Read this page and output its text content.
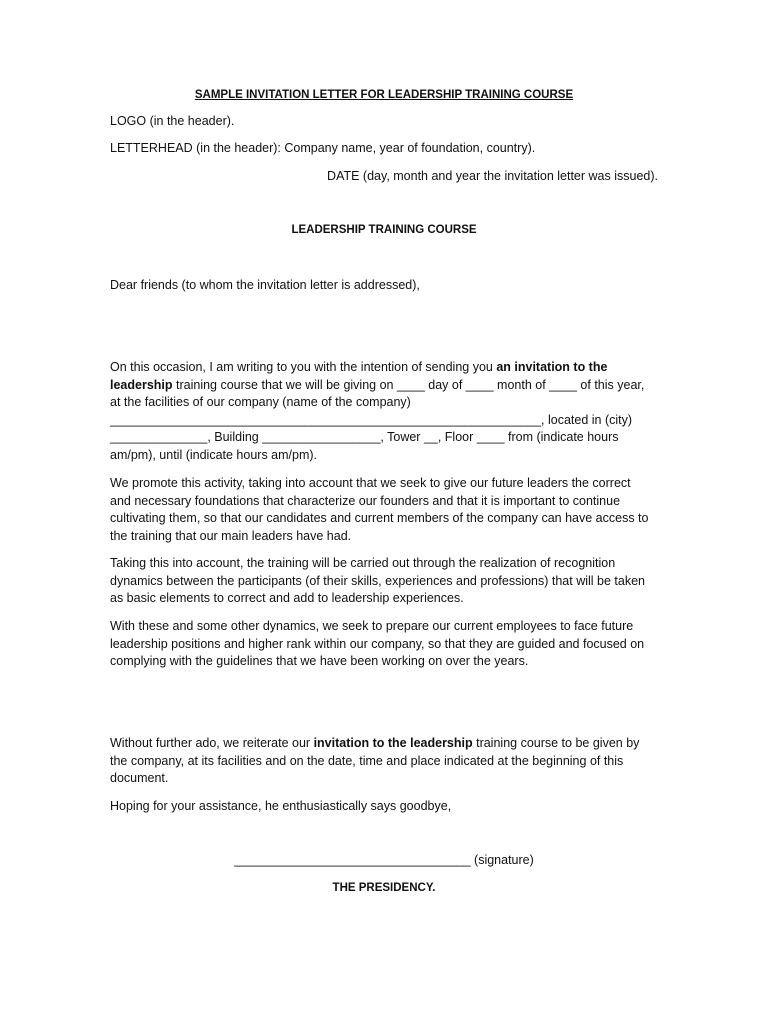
SAMPLE INVITATION LETTER FOR LEADERSHIP TRAINING COURSE
LOGO (in the header).
LETTERHEAD (in the header): Company name, year of foundation, country).
DATE (day, month and year the invitation letter was issued).
LEADERSHIP TRAINING COURSE
Dear friends (to whom the invitation letter is addressed),

On this occasion, I am writing to you with the intention of sending you an invitation to the leadership training course that we will be giving on ____ day of ____ month of ____ of this year, at the facilities of our company (name of the company) ______________________________________________________________, located in (city) ______________, Building _________________, Tower __, Floor ____ from (indicate hours am/pm), until (indicate hours am/pm).

We promote this activity, taking into account that we seek to give our future leaders the correct and necessary foundations that characterize our founders and that it is important to continue cultivating them, so that our candidates and current members of the company can have access to the training that our main leaders have had.

Taking this into account, the training will be carried out through the realization of recognition dynamics between the participants (of their skills, experiences and professions) that will be taken as basic elements to correct and add to leadership experiences.

With these and some other dynamics, we seek to prepare our current employees to face future leadership positions and higher rank within our company, so that they are guided and focused on complying with the guidelines that we have been working on over the years.

Without further ado, we reiterate our invitation to the leadership training course to be given by the company, at its facilities and on the date, time and place indicated at the beginning of this document.

Hoping for your assistance, he enthusiastically says goodbye,
__________________________________ (signature)
THE PRESIDENCY.
